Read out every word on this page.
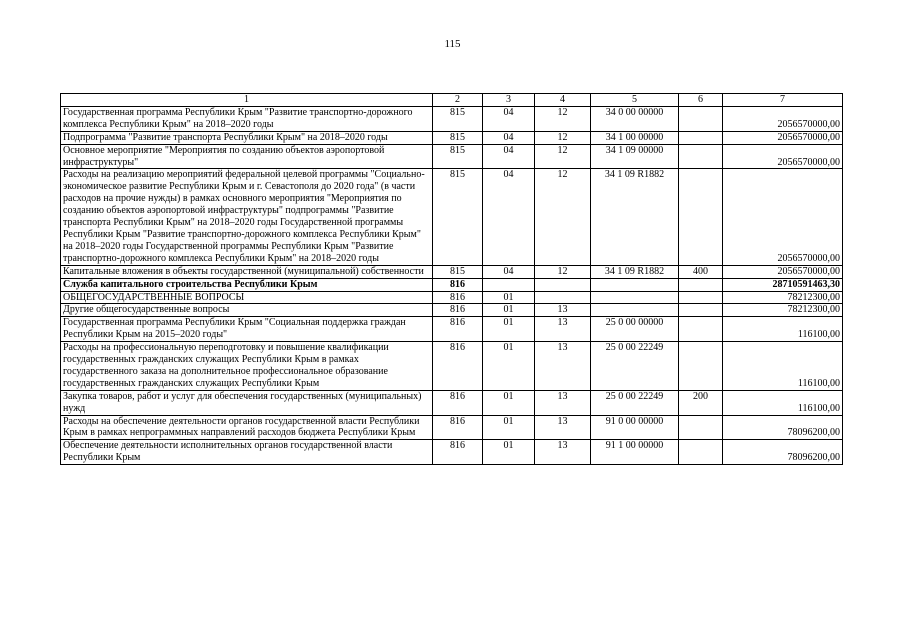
115
1	2	3	4	5	6	7
Государственная программа Республики Крым "Развитие транспортно-дорожного комплекса Республики Крым" на 2018–2020 годы	815	04	12	34 0 00 00000		2056570000,00
Подпрограмма "Развитие транспорта Республики Крым" на 2018–2020 годы	815	04	12	34 1 00 00000		2056570000,00
Основное мероприятие "Мероприятия по созданию объектов аэропортовой инфраструктуры"	815	04	12	34 1 09 00000		2056570000,00
Расходы на реализацию мероприятий федеральной целевой программы "Социально-экономическое развитие Республики Крым и г. Севастополя до 2020 года" (в части расходов на прочие нужды) в рамках основного мероприятия "Мероприятия по созданию объектов аэропортовой инфраструктуры" подпрограммы "Развитие транспорта Республики Крым" на 2018–2020 годы Государственной программы Республики Крым "Развитие транспортно-дорожного комплекса Республики Крым" на 2018–2020 годы Государственной программы Республики Крым "Развитие транспортно-дорожного комплекса Республики Крым" на 2018–2020 годы	815	04	12	34 1 09 R1882		2056570000,00
Капитальные вложения в объекты государственной (муниципальной) собственности	815	04	12	34 1 09 R1882	400	2056570000,00
Служба капитального строительства Республики Крым	816					28710591463,30
ОБЩЕГОСУДАРСТВЕННЫЕ ВОПРОСЫ	816	01				78212300,00
Другие общегосударственные вопросы	816	01	13			78212300,00
Государственная программа Республики Крым "Социальная поддержка граждан Республики Крым на 2015–2020 годы"	816	01	13	25 0 00 00000		116100,00
Расходы на профессиональную переподготовку и повышение квалификации государственных гражданских служащих Республики Крым в рамках государственного заказа на дополнительное профессиональное образование государственных гражданских служащих Республики Крым	816	01	13	25 0 00 22249		116100,00
Закупка товаров, работ и услуг для обеспечения государственных (муниципальных) нужд	816	01	13	25 0 00 22249	200	116100,00
Расходы на обеспечение деятельности органов государственной власти Республики Крым в рамках непрограммных направлений расходов бюджета Республики Крым	816	01	13	91 0 00 00000		78096200,00
Обеспечение деятельности исполнительных органов государственной власти Республики Крым	816	01	13	91 1 00 00000		78096200,00
